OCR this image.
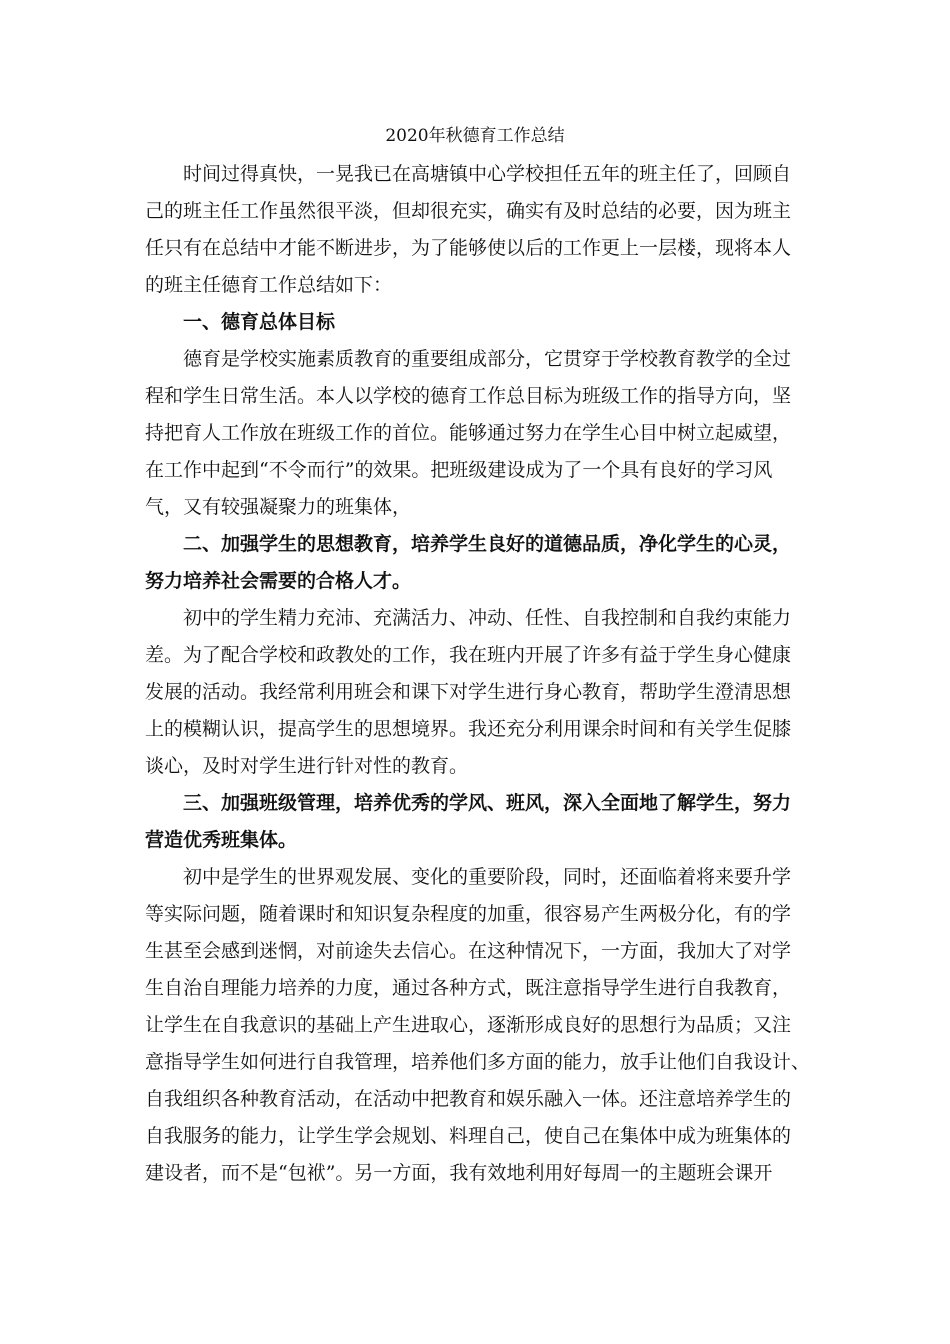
2020年秋德育工作总结

　　时间过得真快，一晃我已在高塘镇中心学校担任五年的班主任了，回顾自

己的班主任工作虽然很平淡，但却很充实，确实有及时总结的必要，因为班主

任只有在总结中才能不断进步，为了能够使以后的工作更上一层楼，现将本人

的班主任德育工作总结如下：

　　一、德育总体目标

　　德育是学校实施素质教育的重要组成部分，它贯穿于学校教育教学的全过

程和学生日常生活。本人以学校的德育工作总目标为班级工作的指导方向，坚

持把育人工作放在班级工作的首位。能够通过努力在学生心目中树立起威望，

在工作中起到“不令而行”的效果。把班级建设成为了一个具有良好的学习风

气，又有较强凝聚力的班集体，

　　二、加强学生的思想教育，培养学生良好的道德品质，净化学生的心灵，

努力培养社会需要的合格人才。

　　初中的学生精力充沛、充满活力、冲动、任性、自我控制和自我约束能力

差。为了配合学校和政教处的工作，我在班内开展了许多有益于学生身心健康

发展的活动。我经常利用班会和课下对学生进行身心教育，帮助学生澄清思想

上的模糊认识，提高学生的思想境界。我还充分利用课余时间和有关学生促膝

谈心，及时对学生进行针对性的教育。

　　三、加强班级管理，培养优秀的学风、班风，深入全面地了解学生，努力

营造优秀班集体。

　　初中是学生的世界观发展、变化的重要阶段，同时，还面临着将来要升学

等实际问题，随着课时和知识复杂程度的加重，很容易产生两极分化，有的学

生甚至会感到迷惘，对前途失去信心。在这种情况下，一方面，我加大了对学

生自治自理能力培养的力度，通过各种方式，既注意指导学生进行自我教育，

让学生在自我意识的基础上产生进取心，逐渐形成良好的思想行为品质；又注

意指导学生如何进行自我管理，培养他们多方面的能力，放手让他们自我设计、

自我组织各种教育活动，在活动中把教育和娱乐融入一体。还注意培养学生的

自我服务的能力，让学生学会规划、料理自己，使自己在集体中成为班集体的

建设者，而不是“包袱”。另一方面，我有效地利用好每周一的主题班会课开
